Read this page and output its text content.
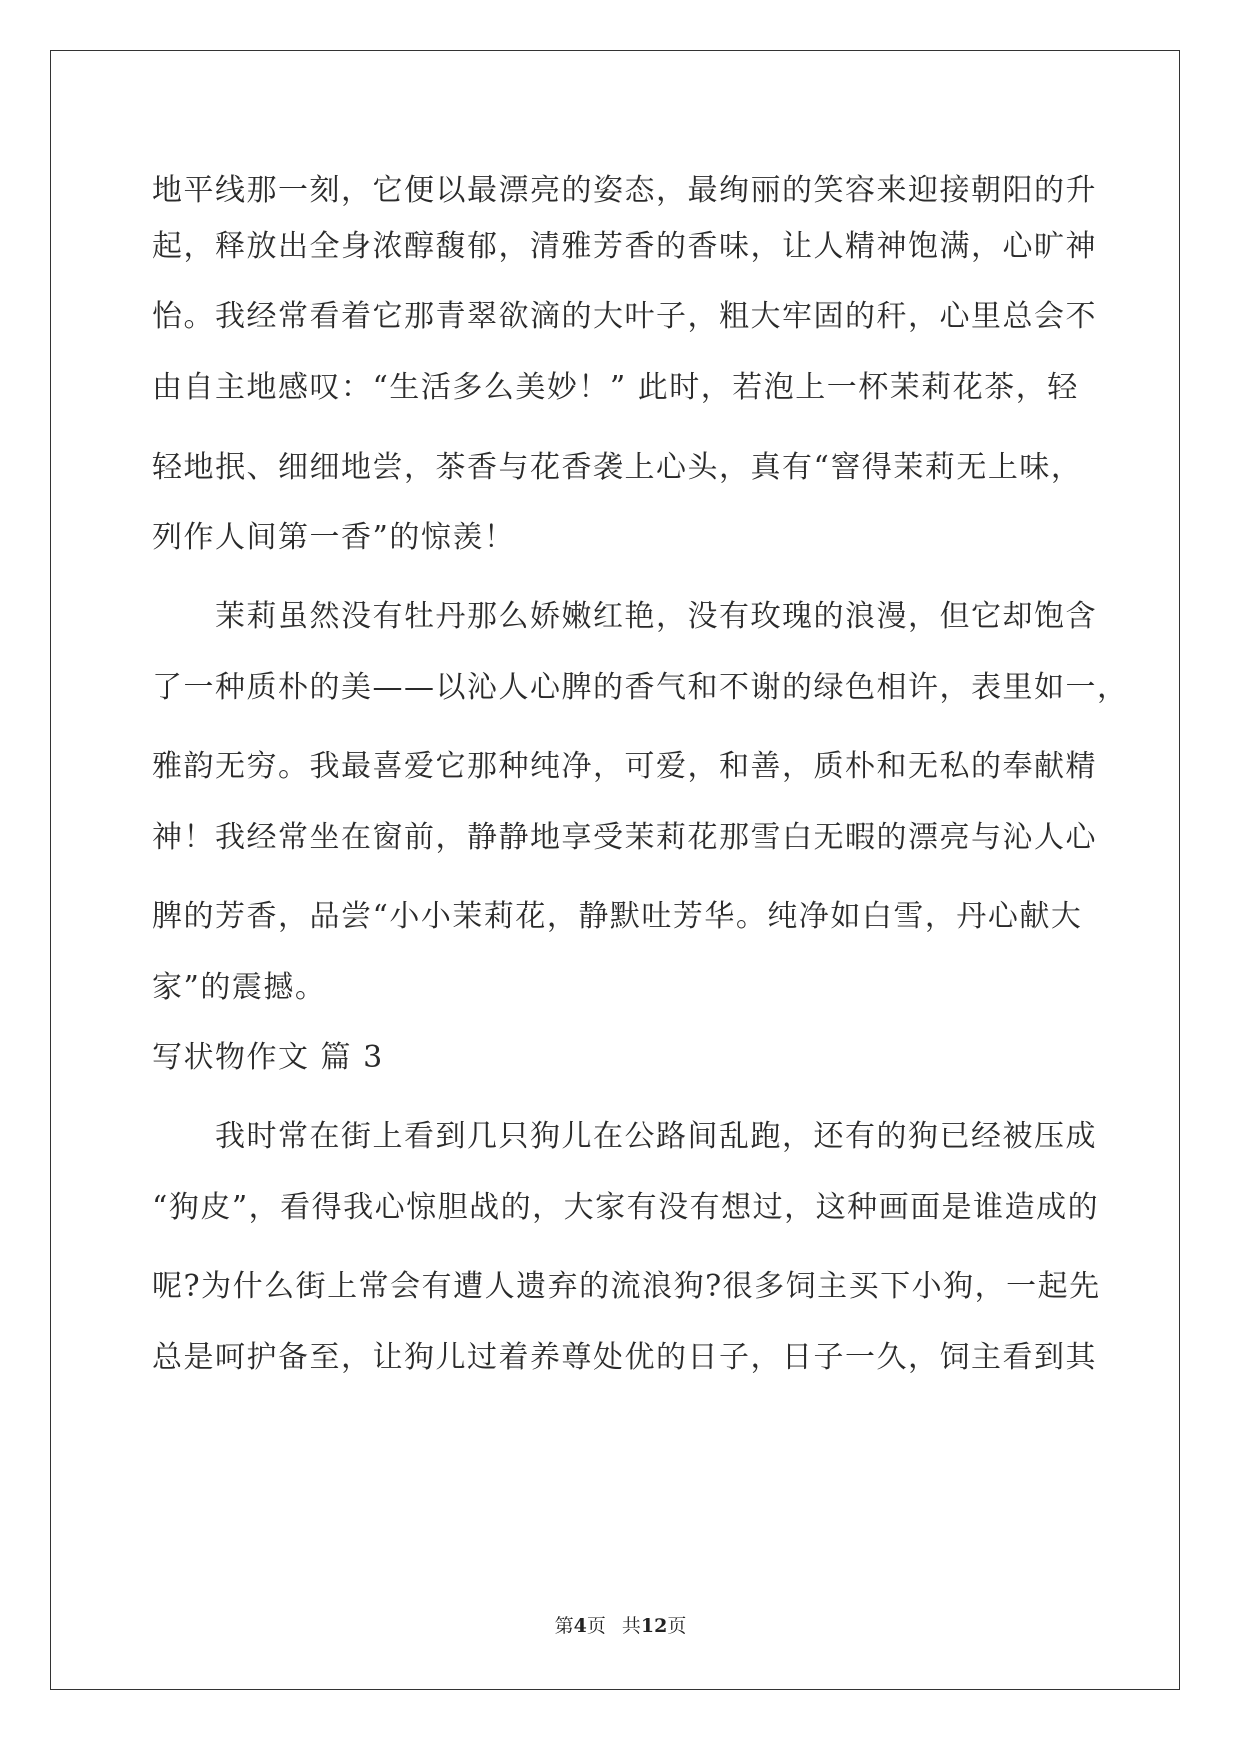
地平线那一刻，它便以最漂亮的姿态，最绚丽的笑容来迎接朝阳的升
起，释放出全身浓醇馥郁，清雅芳香的香味，让人精神饱满，心旷神
怡。我经常看着它那青翠欲滴的大叶子，粗大牢固的秆，心里总会不
由自主地感叹：“生活多么美妙！” 此时，若泡上一杯茉莉花茶，轻
轻地抿、细细地尝，茶香与花香袭上心头，真有“窨得茉莉无上味，
列作人间第一香”的惊羡！
　　茉莉虽然没有牡丹那么娇嫩红艳，没有玫瑰的浪漫，但它却饱含
了一种质朴的美——以沁人心脾的香气和不谢的绿色相许，表里如一，
雅韵无穷。我最喜爱它那种纯净，可爱，和善，质朴和无私的奉献精
神！我经常坐在窗前，静静地享受茉莉花那雪白无暇的漂亮与沁人心
脾的芳香，品尝“小小茉莉花，静默吐芳华。纯净如白雪，丹心献大
家”的震撼。
写状物作文 篇 3
　　我时常在街上看到几只狗儿在公路间乱跑，还有的狗已经被压成
“狗皮”，看得我心惊胆战的，大家有没有想过，这种画面是谁造成的
呢?为什么街上常会有遭人遗弃的流浪狗?很多饲主买下小狗，一起先
总是呵护备至，让狗儿过着养尊处优的日子，日子一久，饲主看到其
第4页 共12页
